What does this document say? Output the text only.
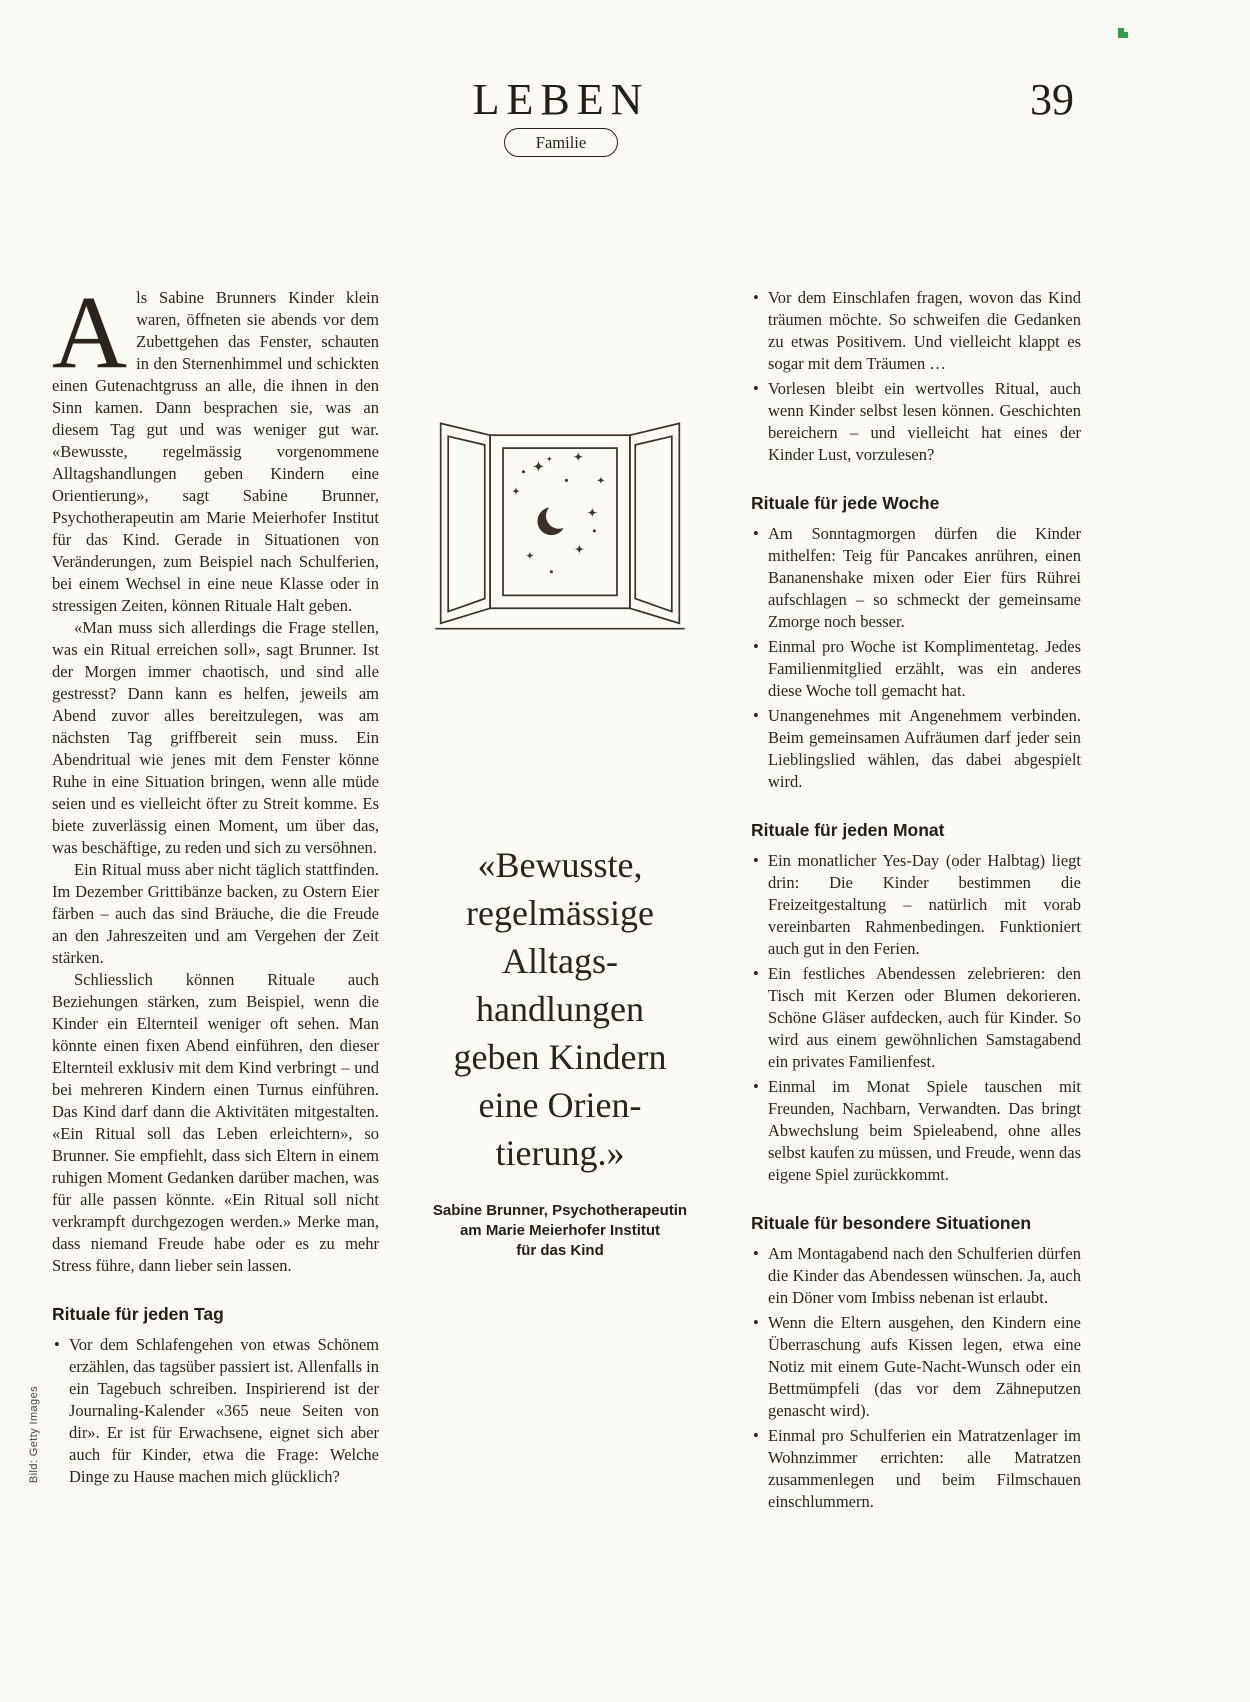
LEBEN	39
Familie

Als Sabine Brunners Kinder klein waren, öffneten sie abends vor dem Zubettgehen das Fenster, schauten in den Sternenhimmel und schickten einen Gutenachtgruss an alle, die ihnen in den Sinn kamen. Dann besprachen sie, was an diesem Tag gut und was weniger gut war. «Bewusste, regelmässig vorgenommene Alltagshandlungen geben Kindern eine Orientierung», sagt Sabine Brunner, Psychotherapeutin am Marie Meierhofer Institut für das Kind. Gerade in Situationen von Veränderungen, zum Beispiel nach Schulferien, bei einem Wechsel in eine neue Klasse oder in stressigen Zeiten, können Rituale Halt geben.

«Man muss sich allerdings die Frage stellen, was ein Ritual erreichen soll», sagt Brunner. Ist der Morgen immer chaotisch, und sind alle gestresst? Dann kann es helfen, jeweils am Abend zuvor alles bereitzulegen, was am nächsten Tag griffbereit sein muss. Ein Abendritual wie jenes mit dem Fenster könne Ruhe in eine Situation bringen, wenn alle müde seien und es vielleicht öfter zu Streit komme. Es biete zuverlässig einen Moment, um über das, was beschäftige, zu reden und sich zu versöhnen.

Ein Ritual muss aber nicht täglich stattfinden. Im Dezember Grittibänze backen, zu Ostern Eier färben – auch das sind Bräuche, die die Freude an den Jahreszeiten und am Vergehen der Zeit stärken.

Schliesslich können Rituale auch Beziehungen stärken, zum Beispiel, wenn die Kinder ein Elternteil weniger oft sehen. Man könnte einen fixen Abend einführen, den dieser Elternteil exklusiv mit dem Kind verbringt – und bei mehreren Kindern einen Turnus einführen. Das Kind darf dann die Aktivitäten mitgestalten. «Ein Ritual soll das Leben erleichtern», so Brunner. Sie empfiehlt, dass sich Eltern in einem ruhigen Moment Gedanken darüber machen, was für alle passen könnte. «Ein Ritual soll nicht verkrampft durchgezogen werden.» Merke man, dass niemand Freude habe oder es zu mehr Stress führe, dann lieber sein lassen.

Rituale für jeden Tag
• Vor dem Schlafengehen von etwas Schönem erzählen, das tagsüber passiert ist. Allenfalls in ein Tagebuch schreiben. Inspirierend ist der Journaling-Kalender «365 neue Seiten von dir». Er ist für Erwachsene, eignet sich aber auch für Kinder, etwa die Frage: Welche Dinge zu Hause machen mich glücklich?
«Bewusste,
regelmässige
Alltags-
handlungen
geben Kindern
eine Orien-
tierung.»
Sabine Brunner, Psychotherapeutin
am Marie Meierhofer Institut
für das Kind
• Vor dem Einschlafen fragen, wovon das Kind träumen möchte. So schweifen die Gedanken zu etwas Positivem. Und vielleicht klappt es sogar mit dem Träumen …
• Vorlesen bleibt ein wertvolles Ritual, auch wenn Kinder selbst lesen können. Geschichten bereichern – und vielleicht hat eines der Kinder Lust, vorzulesen?
Rituale für jede Woche
• Am Sonntagmorgen dürfen die Kinder mithelfen: Teig für Pancakes anrühren, einen Bananenshake mixen oder Eier fürs Rührei aufschlagen – so schmeckt der gemeinsame Zmorge noch besser.
• Einmal pro Woche ist Komplimentetag. Jedes Familienmitglied erzählt, was ein anderes diese Woche toll gemacht hat.
• Unangenehmes mit Angenehmem verbinden. Beim gemeinsamen Aufräumen darf jeder sein Lieblingslied wählen, das dabei abgespielt wird.
Rituale für jeden Monat
• Ein monatlicher Yes-Day (oder Halbtag) liegt drin: Die Kinder bestimmen die Freizeitgestaltung – natürlich mit vorab vereinbarten Rahmenbedingen. Funktioniert auch gut in den Ferien.
• Ein festliches Abendessen zelebrieren: den Tisch mit Kerzen oder Blumen dekorieren. Schöne Gläser aufdecken, auch für Kinder. So wird aus einem gewöhnlichen Samstagabend ein privates Familienfest.
• Einmal im Monat Spiele tauschen mit Freunden, Nachbarn, Verwandten. Das bringt Abwechslung beim Spieleabend, ohne alles selbst kaufen zu müssen, und Freude, wenn das eigene Spiel zurückkommt.
Rituale für besondere Situationen
• Am Montagabend nach den Schulferien dürfen die Kinder das Abendessen wünschen. Ja, auch ein Döner vom Imbiss nebenan ist erlaubt.
• Wenn die Eltern ausgehen, den Kindern eine Überraschung aufs Kissen legen, etwa eine Notiz mit einem Gute-Nacht-Wunsch oder ein Bettmümpfeli (das vor dem Zähneputzen genascht wird).
• Einmal pro Schulferien ein Matratzenlager im Wohnzimmer errichten: alle Matratzen zusammenlegen und beim Filmschauen einschlummern.
Bild: Getty Images
